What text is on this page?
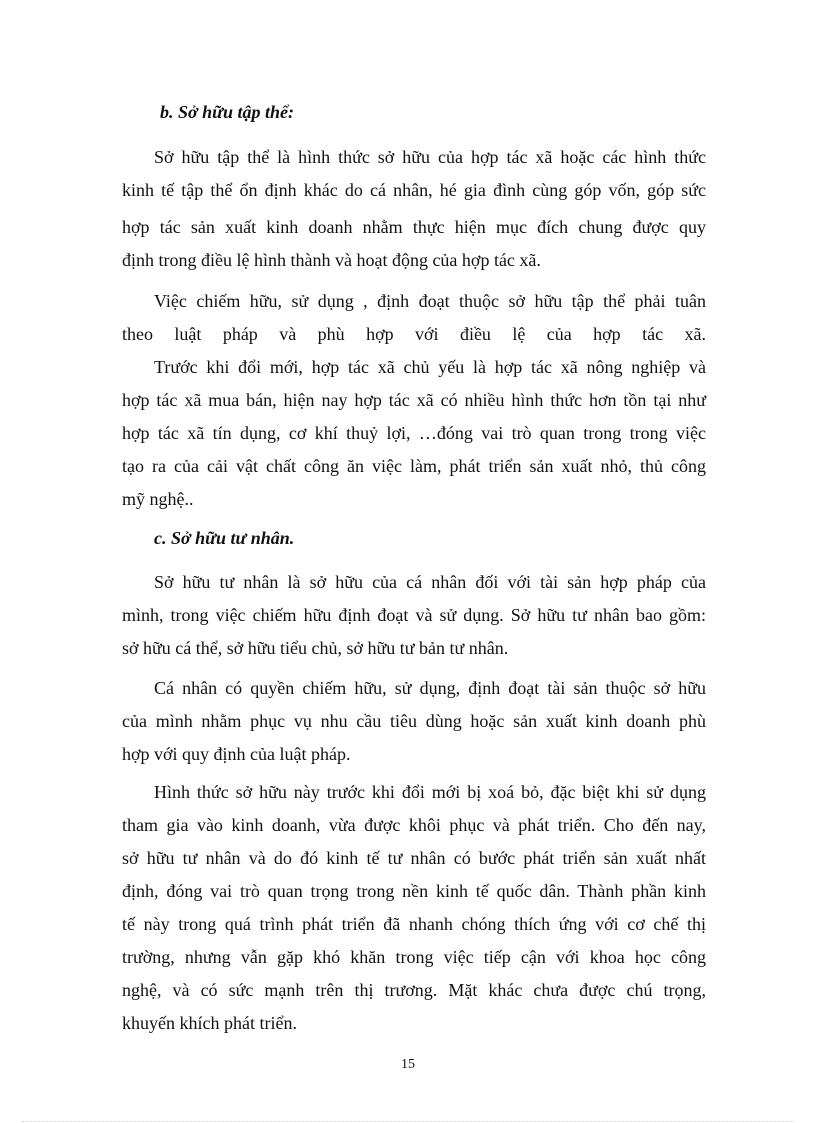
b. Sở hữu tập thể:
Sở hữu tập thể là hình thức sở hữu của hợp tác xã hoặc các hình thức
kinh tế tập thể ổn định khác do cá nhân, hé gia đình cùng góp vốn, góp sức
hợp tác sản xuất kinh doanh nhằm thực hiện mục đích chung được quy
định trong điều lệ hình thành và hoạt động của hợp tác xã.
Việc chiếm hữu, sử dụng , định đoạt thuộc sở hữu tập thể phải tuân
theo luật pháp và phù hợp với điều lệ của hợp tác xã.
Trước khi đổi mới, hợp tác xã chủ yếu là hợp tác xã nông nghiệp và
hợp tác xã mua bán, hiện nay hợp tác xã có nhiều hình thức hơn tồn tại như
hợp tác xã tín dụng, cơ khí thuỷ lợi, …đóng vai trò quan trong trong việc
tạo ra của cải vật chất công ăn việc làm, phát triển sản xuất nhỏ, thủ công
mỹ nghệ..
c. Sở hữu tư nhân.
Sở hữu tư nhân là sở hữu của cá nhân đối với tài sản hợp pháp của
mình, trong việc chiếm hữu định đoạt và sử dụng. Sở hữu tư nhân bao gồm:
sở hữu cá thể, sở hữu tiểu chủ, sở hữu tư bản tư nhân.
Cá nhân có quyền chiếm hữu, sử dụng, định đoạt tài sản thuộc sở hữu
của mình nhằm phục vụ nhu cầu tiêu dùng hoặc sản xuất kinh doanh phù
hợp với quy định của luật pháp.
Hình thức sở hữu này trước khi đổi mới bị xoá bỏ, đặc biệt khi sử dụng
tham gia vào kinh doanh, vừa được khôi phục và phát triển. Cho đến nay,
sở hữu tư nhân và do đó kinh tế tư nhân có bước phát triển sản xuất nhất
định, đóng vai trò quan trọng trong nền kinh tế quốc dân. Thành phần kinh
tế này trong quá trình phát triển đã nhanh chóng thích ứng với cơ chế thị
trường, nhưng vẫn gặp khó khăn trong việc tiếp cận với khoa học công
nghệ, và có sức mạnh trên thị trương. Mặt khác chưa được chú trọng,
khuyến khích phát triển.
15
